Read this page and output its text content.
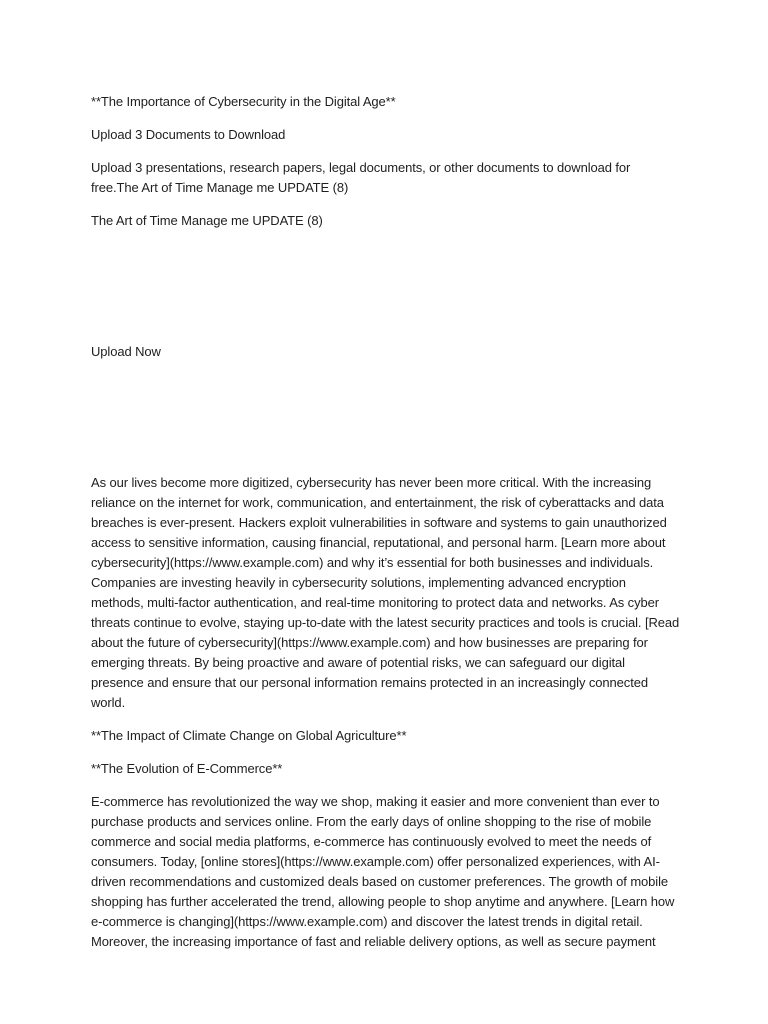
**The Importance of Cybersecurity in the Digital Age**

Upload 3 Documents to Download

Upload 3 presentations, research papers, legal documents, or other documents to download for free.The Art of Time Manage me UPDATE (8)

The Art of Time Manage me UPDATE (8)

Upload Now

As our lives become more digitized, cybersecurity has never been more critical. With the increasing reliance on the internet for work, communication, and entertainment, the risk of cyberattacks and data breaches is ever-present. Hackers exploit vulnerabilities in software and systems to gain unauthorized access to sensitive information, causing financial, reputational, and personal harm. [Learn more about cybersecurity](https://www.example.com) and why it’s essential for both businesses and individuals. Companies are investing heavily in cybersecurity solutions, implementing advanced encryption methods, multi-factor authentication, and real-time monitoring to protect data and networks. As cyber threats continue to evolve, staying up-to-date with the latest security practices and tools is crucial. [Read about the future of cybersecurity](https://www.example.com) and how businesses are preparing for emerging threats. By being proactive and aware of potential risks, we can safeguard our digital presence and ensure that our personal information remains protected in an increasingly connected world.

**The Impact of Climate Change on Global Agriculture**

**The Evolution of E-Commerce**

E-commerce has revolutionized the way we shop, making it easier and more convenient than ever to purchase products and services online. From the early days of online shopping to the rise of mobile commerce and social media platforms, e-commerce has continuously evolved to meet the needs of consumers. Today, [online stores](https://www.example.com) offer personalized experiences, with AI-driven recommendations and customized deals based on customer preferences. The growth of mobile shopping has further accelerated the trend, allowing people to shop anytime and anywhere. [Learn how e-commerce is changing](https://www.example.com) and discover the latest trends in digital retail. Moreover, the increasing importance of fast and reliable delivery options, as well as secure payment
